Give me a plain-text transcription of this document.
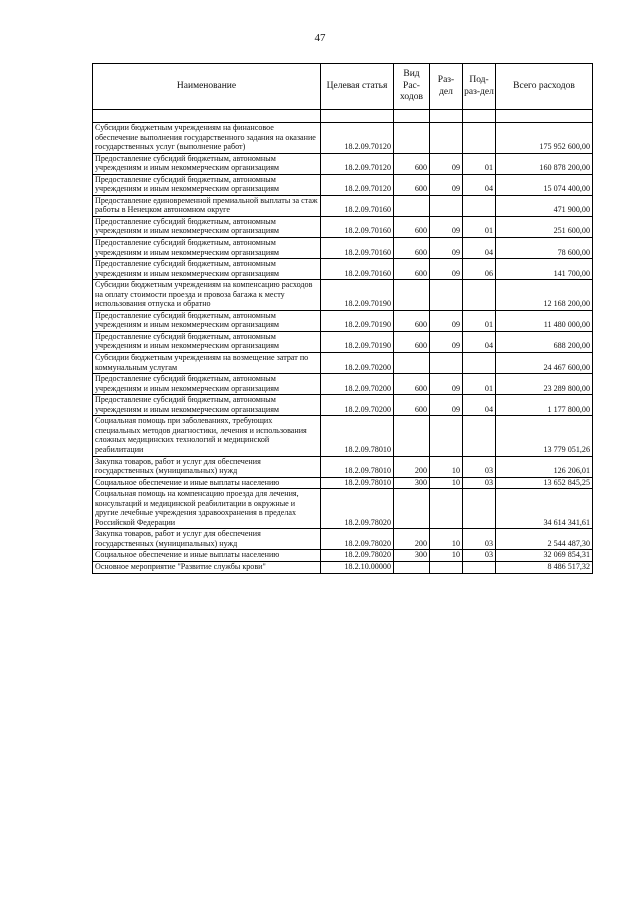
47
Наименование	Целевая статья	Вид Рас-ходов	Раз-дел	Под-раз-дел	Всего расходов

Субсидии бюджетным учреждениям на финансовое обеспечение выполнения государственного задания на оказание государственных услуг (выполнение работ)	18.2.09.70120				175 952 600,00
Предоставление субсидий бюджетным, автономным учреждениям и иным некоммерческим организациям	18.2.09.70120	600	09	01	160 878 200,00
Предоставление субсидий бюджетным, автономным учреждениям и иным некоммерческим организациям	18.2.09.70120	600	09	04	15 074 400,00
Предоставление единовременной премиальной выплаты за стаж работы в Ненецком автономном округе	18.2.09.70160				471 900,00
Предоставление субсидий бюджетным, автономным учреждениям и иным некоммерческим организациям	18.2.09.70160	600	09	01	251 600,00
Предоставление субсидий бюджетным, автономным учреждениям и иным некоммерческим организациям	18.2.09.70160	600	09	04	78 600,00
Предоставление субсидий бюджетным, автономным учреждениям и иным некоммерческим организациям	18.2.09.70160	600	09	06	141 700,00
Субсидии бюджетным учреждениям на компенсацию расходов на оплату стоимости проезда и провоза багажа к месту использования отпуска и обратно	18.2.09.70190				12 168 200,00
Предоставление субсидий бюджетным, автономным учреждениям и иным некоммерческим организациям	18.2.09.70190	600	09	01	11 480 000,00
Предоставление субсидий бюджетным, автономным учреждениям и иным некоммерческим организациям	18.2.09.70190	600	09	04	688 200,00
Субсидии бюджетным учреждениям на возмещение затрат по коммунальным услугам	18.2.09.70200				24 467 600,00
Предоставление субсидий бюджетным, автономным учреждениям и иным некоммерческим организациям	18.2.09.70200	600	09	01	23 289 800,00
Предоставление субсидий бюджетным, автономным учреждениям и иным некоммерческим организациям	18.2.09.70200	600	09	04	1 177 800,00
Социальная помощь при заболеваниях, требующих специальных методов диагностики, лечения и использования сложных медицинских технологий и медицинской реабилитации	18.2.09.78010				13 779 051,26
Закупка товаров, работ и услуг для обеспечения государственных (муниципальных) нужд	18.2.09.78010	200	10	03	126 206,01
Социальное обеспечение и иные выплаты населению	18.2.09.78010	300	10	03	13 652 845,25
Социальная помощь на компенсацию проезда для лечения, консультаций и медицинской реабилитации в окружные и другие лечебные учреждения здравоохранения в пределах Российской Федерации	18.2.09.78020				34 614 341,61
Закупка товаров, работ и услуг для обеспечения государственных (муниципальных) нужд	18.2.09.78020	200	10	03	2 544 487,30
Социальное обеспечение и иные выплаты населению	18.2.09.78020	300	10	03	32 069 854,31
Основное мероприятие "Развитие службы крови"	18.2.10.00000				8 486 517,32
